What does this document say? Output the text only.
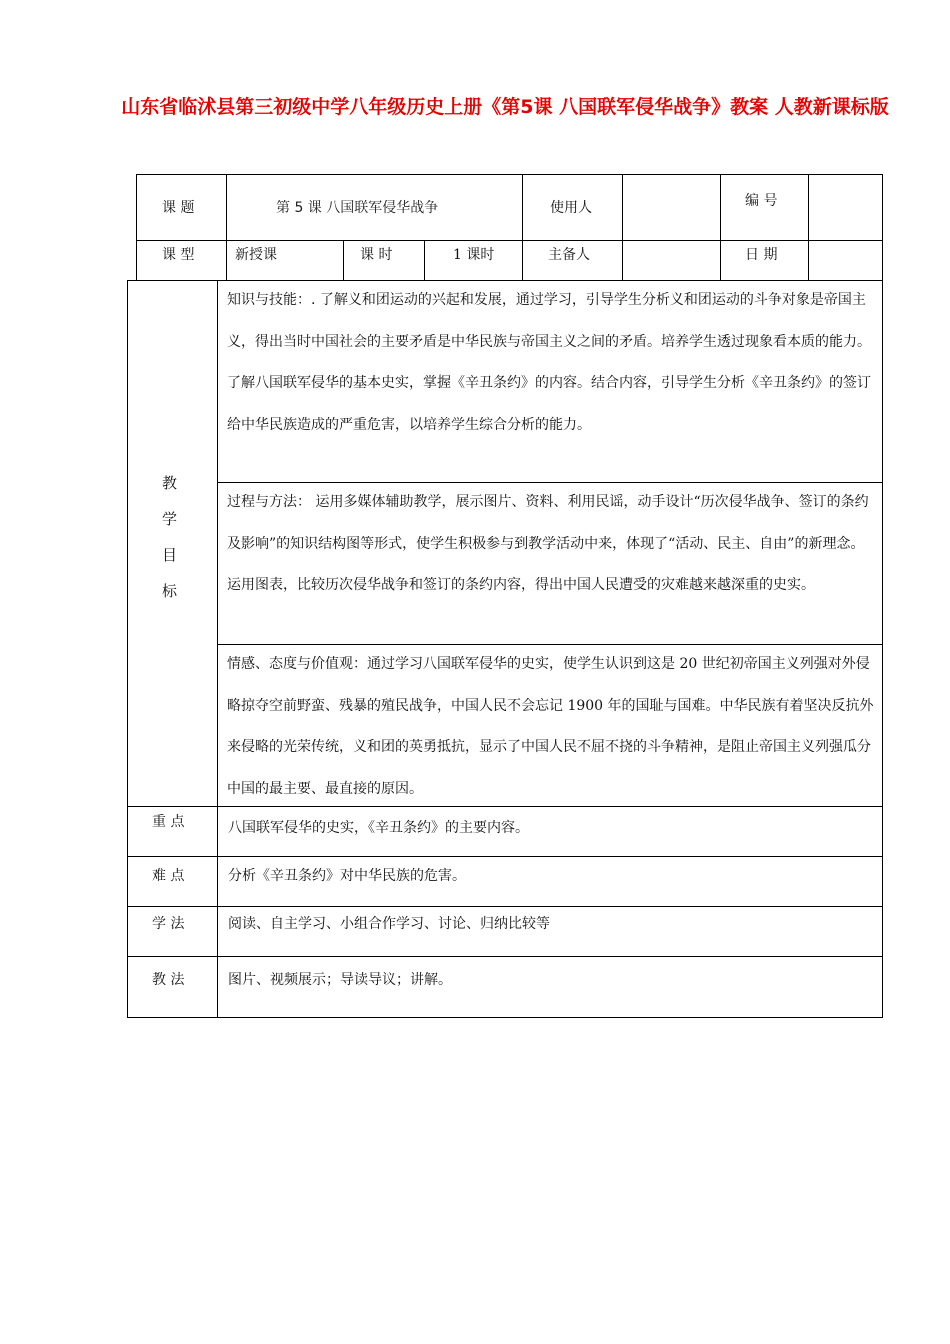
山东省临沭县第三初级中学八年级历史上册《第5课 八国联军侵华战争》教案 人教新课标版
课 题	第 5 课 八国联军侵华战争	使用人	编 号
课 型	新授课	课 时	1 课时	主备人	日 期
教
学
目
标
知识与技能：. 了解义和团运动的兴起和发展，通过学习，引导学生分析义和团运动的斗争对象是帝国主义，得出当时中国社会的主要矛盾是中华民族与帝国主义之间的矛盾。培养学生透过现象看本质的能力。了解八国联军侵华的基本史实，掌握《辛丑条约》的内容。结合内容，引导学生分析《辛丑条约》的签订给中华民族造成的严重危害，以培养学生综合分析的能力。
过程与方法： 运用多媒体辅助教学，展示图片、资料、利用民谣，动手设计“历次侵华战争、签订的条约及影响”的知识结构图等形式，使学生积极参与到教学活动中来，体现了“活动、民主、自由”的新理念。运用图表，比较历次侵华战争和签订的条约内容，得出中国人民遭受的灾难越来越深重的史实。
情感、态度与价值观：通过学习八国联军侵华的史实，使学生认识到这是 20 世纪初帝国主义列强对外侵略掠夺空前野蛮、残暴的殖民战争，中国人民不会忘记 1900 年的国耻与国难。中华民族有着坚决反抗外来侵略的光荣传统，义和团的英勇抵抗，显示了中国人民不屈不挠的斗争精神，是阻止帝国主义列强瓜分中国的最主要、最直接的原因。
重 点	八国联军侵华的史实，《辛丑条约》的主要内容。
难 点	分析《辛丑条约》对中华民族的危害。
学 法	阅读、自主学习、小组合作学习、讨论、归纳比较等
教 法	图片、视频展示；导读导议；讲解。
